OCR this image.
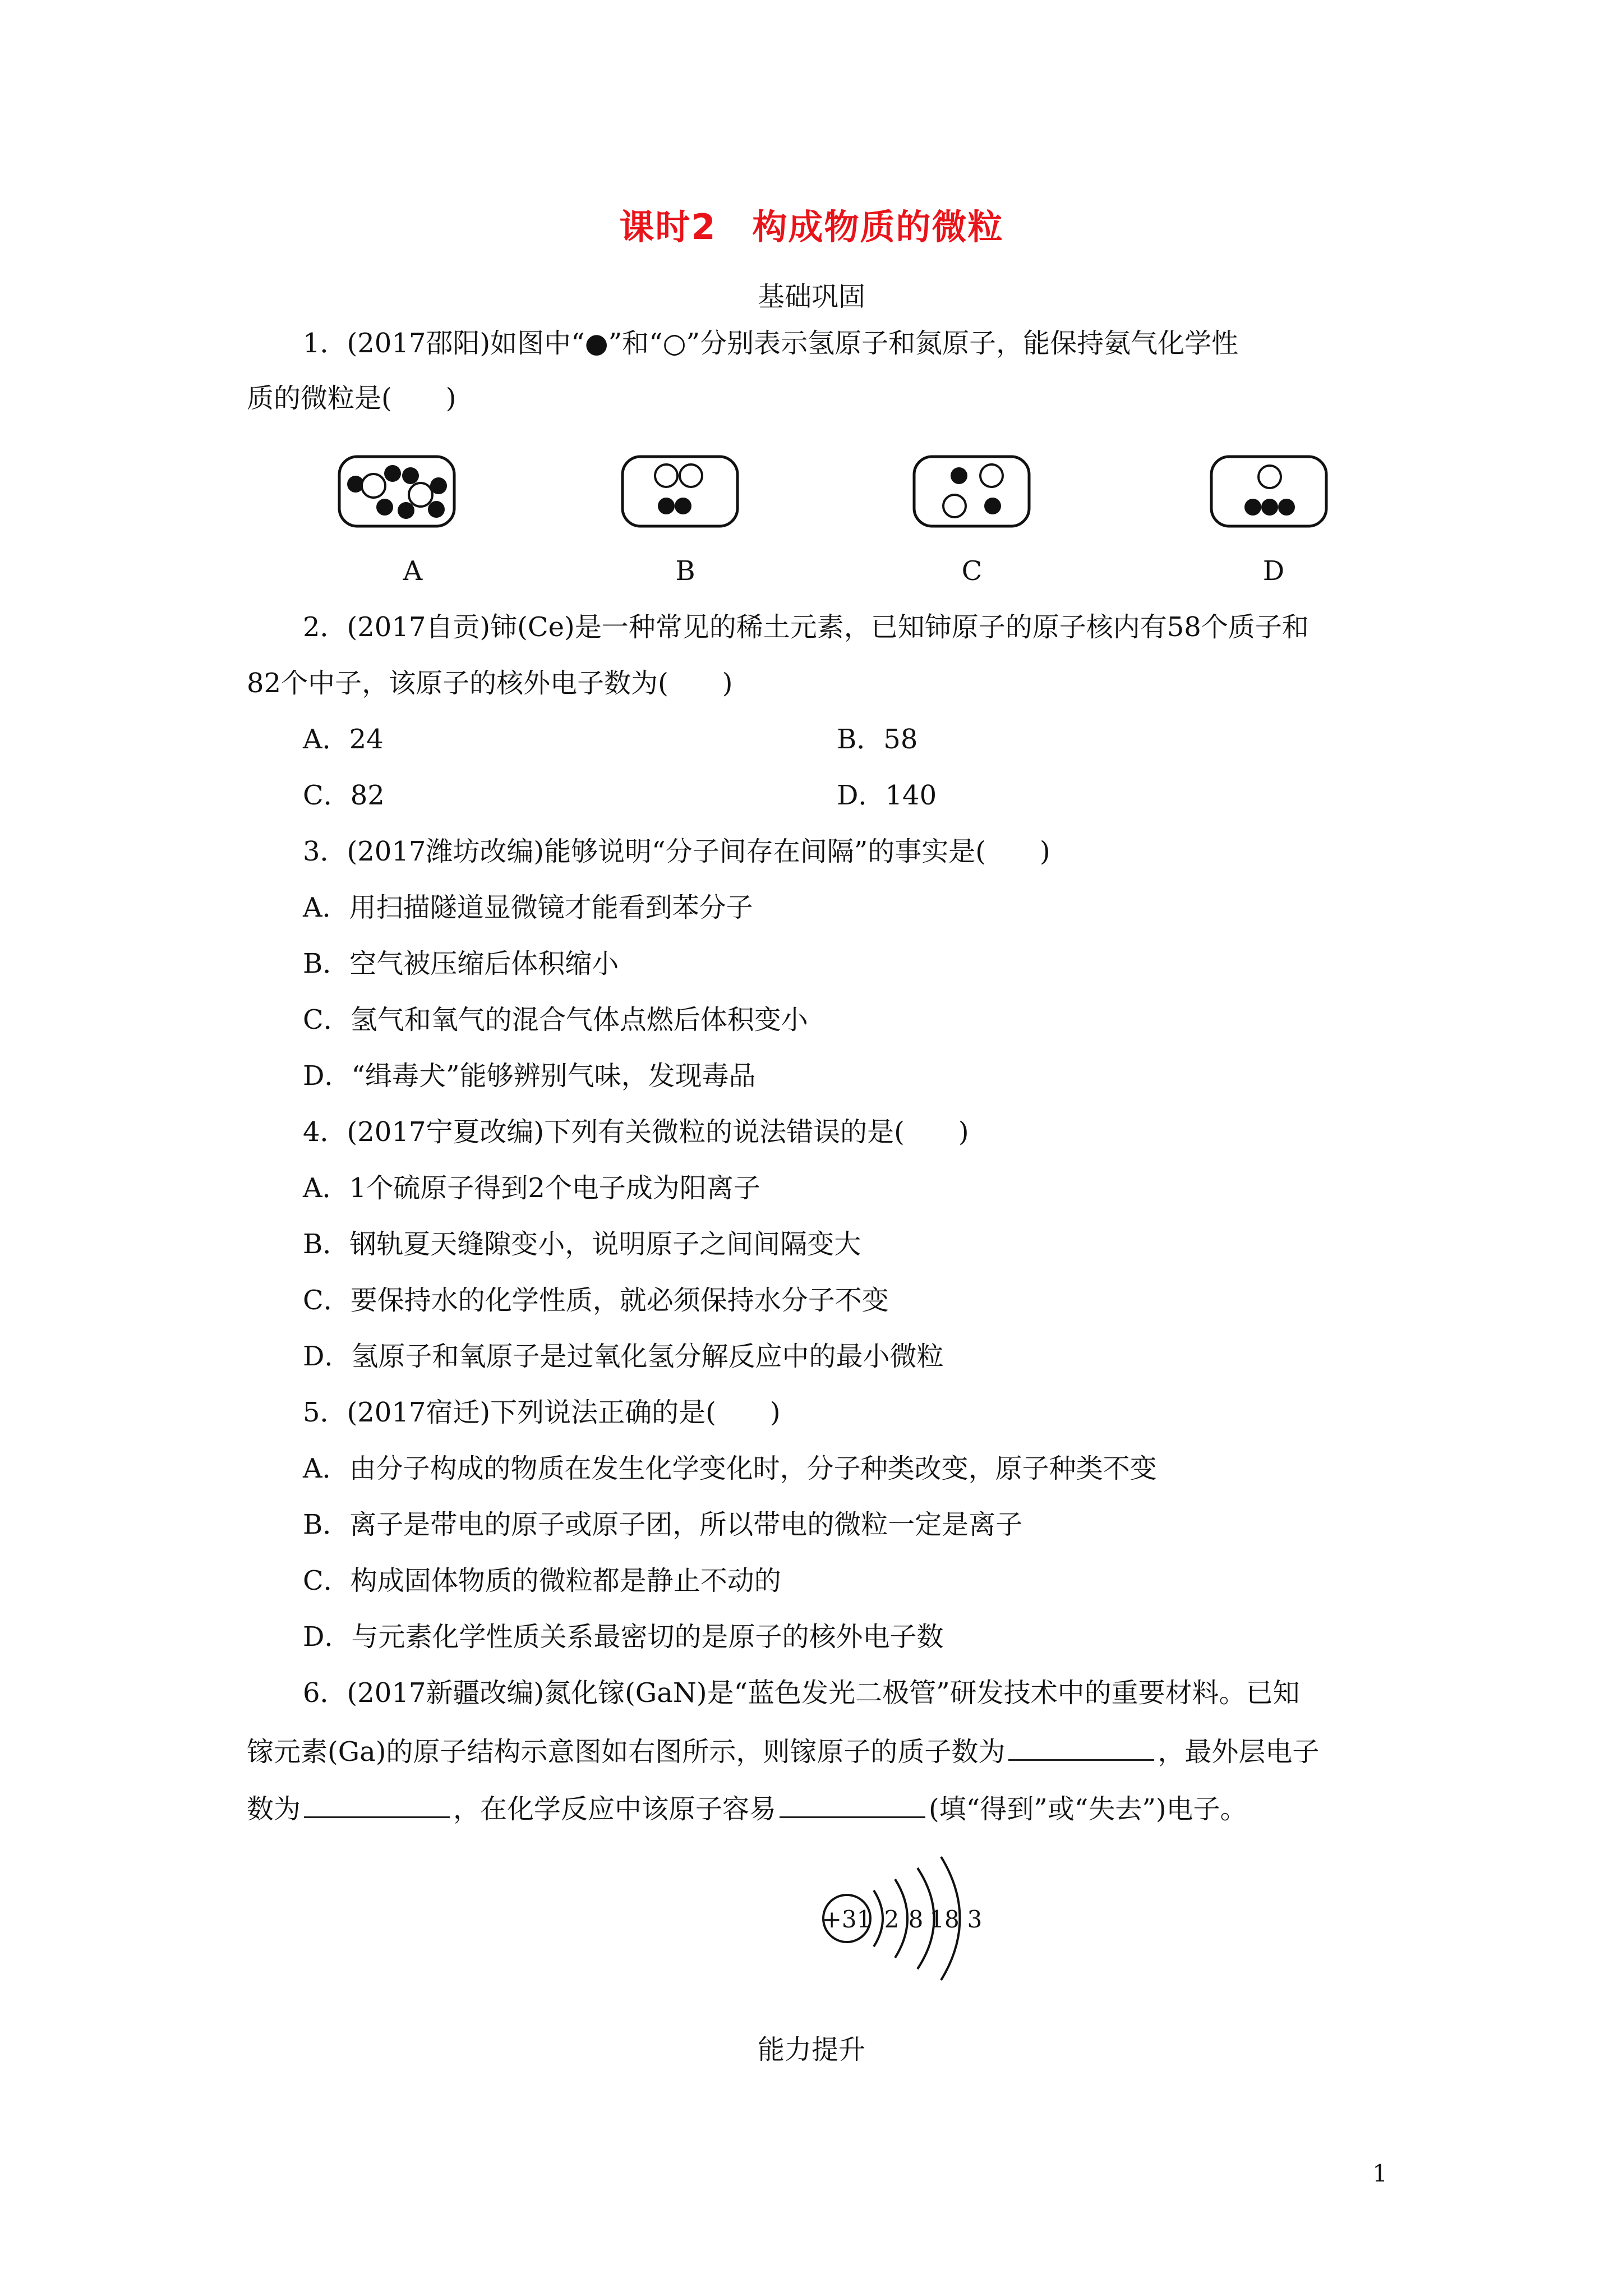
课时2　构成物质的微粒
基础巩固
1．(2017邵阳)如图中“●”和“○”分别表示氢原子和氮原子，能保持氨气化学性
质的微粒是(　　)
A	B	C	D
2．(2017自贡)铈(Ce)是一种常见的稀土元素，已知铈原子的原子核内有58个质子和
82个中子，该原子的核外电子数为(　　)
A．24	B．58
C．82	D．140
3．(2017潍坊改编)能够说明“分子间存在间隔”的事实是(　　)
A．用扫描隧道显微镜才能看到苯分子
B．空气被压缩后体积缩小
C．氢气和氧气的混合气体点燃后体积变小
D．“缉毒犬”能够辨别气味，发现毒品
4．(2017宁夏改编)下列有关微粒的说法错误的是(　　)
A．1个硫原子得到2个电子成为阳离子
B．钢轨夏天缝隙变小，说明原子之间间隔变大
C．要保持水的化学性质，就必须保持水分子不变
D．氢原子和氧原子是过氧化氢分解反应中的最小微粒
5．(2017宿迁)下列说法正确的是(　　)
A．由分子构成的物质在发生化学变化时，分子种类改变，原子种类不变
B．离子是带电的原子或原子团，所以带电的微粒一定是离子
C．构成固体物质的微粒都是静止不动的
D．与元素化学性质关系最密切的是原子的核外电子数
6．(2017新疆改编)氮化镓(GaN)是“蓝色发光二极管”研发技术中的重要材料。已知
镓元素(Ga)的原子结构示意图如右图所示，则镓原子的质子数为	，最外层电子
数为	，在化学反应中该原子容易	(填“得到”或“失去”)电子。
+31 2 8 18 3
能力提升
1
